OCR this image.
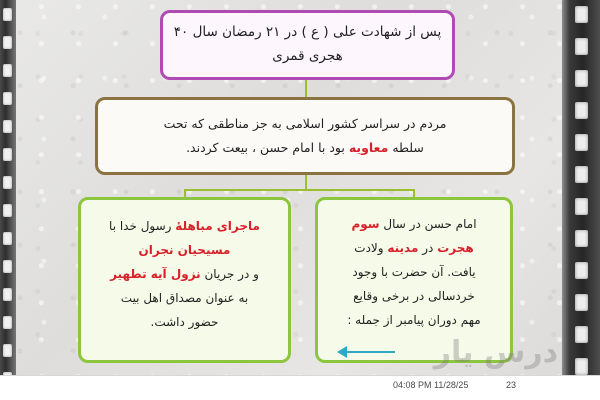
پس از شهادت علی ( ع ) در ۲۱ رمضان سال ۴۰ هجری قمری
مردم در سراسر کشور اسلامی به جز مناطقی که تحت
سلطه معاویه بود با امام حسن ، بیعت کردند.
ماجرای مباهلهٔ رسول خدا با
مسیحیان نجران
و در جریان نزول آیه تطهیر
به عنوان مصداق اهل بیت
حضور داشت.
امام حسن در سال سوم
هجرت در مدینه ولادت
یافت. آن حضرت با وجود
خردسالی در برخی وقایع
مهم دوران پیامبر از جمله :
درس یار
04:08 PM 11/28/25	23
